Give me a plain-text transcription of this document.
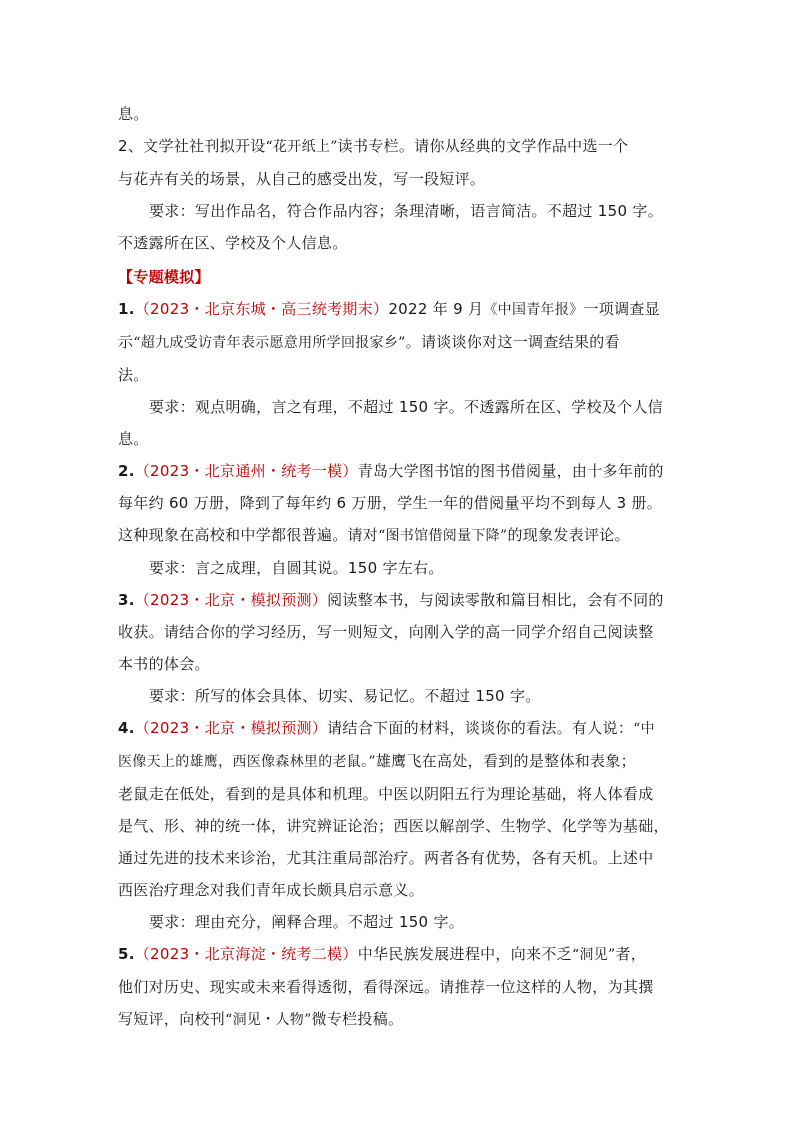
息。

2、文学社社刊拟开设“花开纸上”读书专栏。请你从经典的文学作品中选一个

与花卉有关的场景，从自己的感受出发，写一段短评。

要求：写出作品名，符合作品内容；条理清晰，语言简洁。不超过 150 字。

不透露所在区、学校及个人信息。

【专题模拟】

1.（2023・北京东城・高三统考期末）2022 年 9 月《中国青年报》一项调查显

示“超九成受访青年表示愿意用所学回报家乡”。请谈谈你对这一调查结果的看

法。

要求：观点明确，言之有理，不超过 150 字。不透露所在区、学校及个人信

息。

2.（2023・北京通州・统考一模）青岛大学图书馆的图书借阅量，由十多年前的

每年约 60 万册，降到了每年约 6 万册，学生一年的借阅量平均不到每人 3 册。

这种现象在高校和中学都很普遍。请对“图书馆借阅量下降”的现象发表评论。

要求：言之成理，自圆其说。150 字左右。

3.（2023・北京・模拟预测）阅读整本书，与阅读零散和篇目相比，会有不同的

收获。请结合你的学习经历，写一则短文，向刚入学的高一同学介绍自己阅读整

本书的体会。

要求：所写的体会具体、切实、易记忆。不超过 150 字。

4.（2023・北京・模拟预测）请结合下面的材料，谈谈你的看法。有人说：“中

医像天上的雄鹰，西医像森林里的老鼠。”雄鹰飞在高处，看到的是整体和表象；

老鼠走在低处，看到的是具体和机理。中医以阴阳五行为理论基础，将人体看成

是气、形、神的统一体，讲究辨证论治；西医以解剖学、生物学、化学等为基础，

通过先进的技术来诊治，尤其注重局部治疗。两者各有优势，各有天机。上述中

西医治疗理念对我们青年成长颇具启示意义。

要求：理由充分，阐释合理。不超过 150 字。

5.（2023・北京海淀・统考二模）中华民族发展进程中，向来不乏“洞见”者，

他们对历史、现实或未来看得透彻，看得深远。请推荐一位这样的人物，为其撰

写短评，向校刊“洞见・人物”微专栏投稿。
